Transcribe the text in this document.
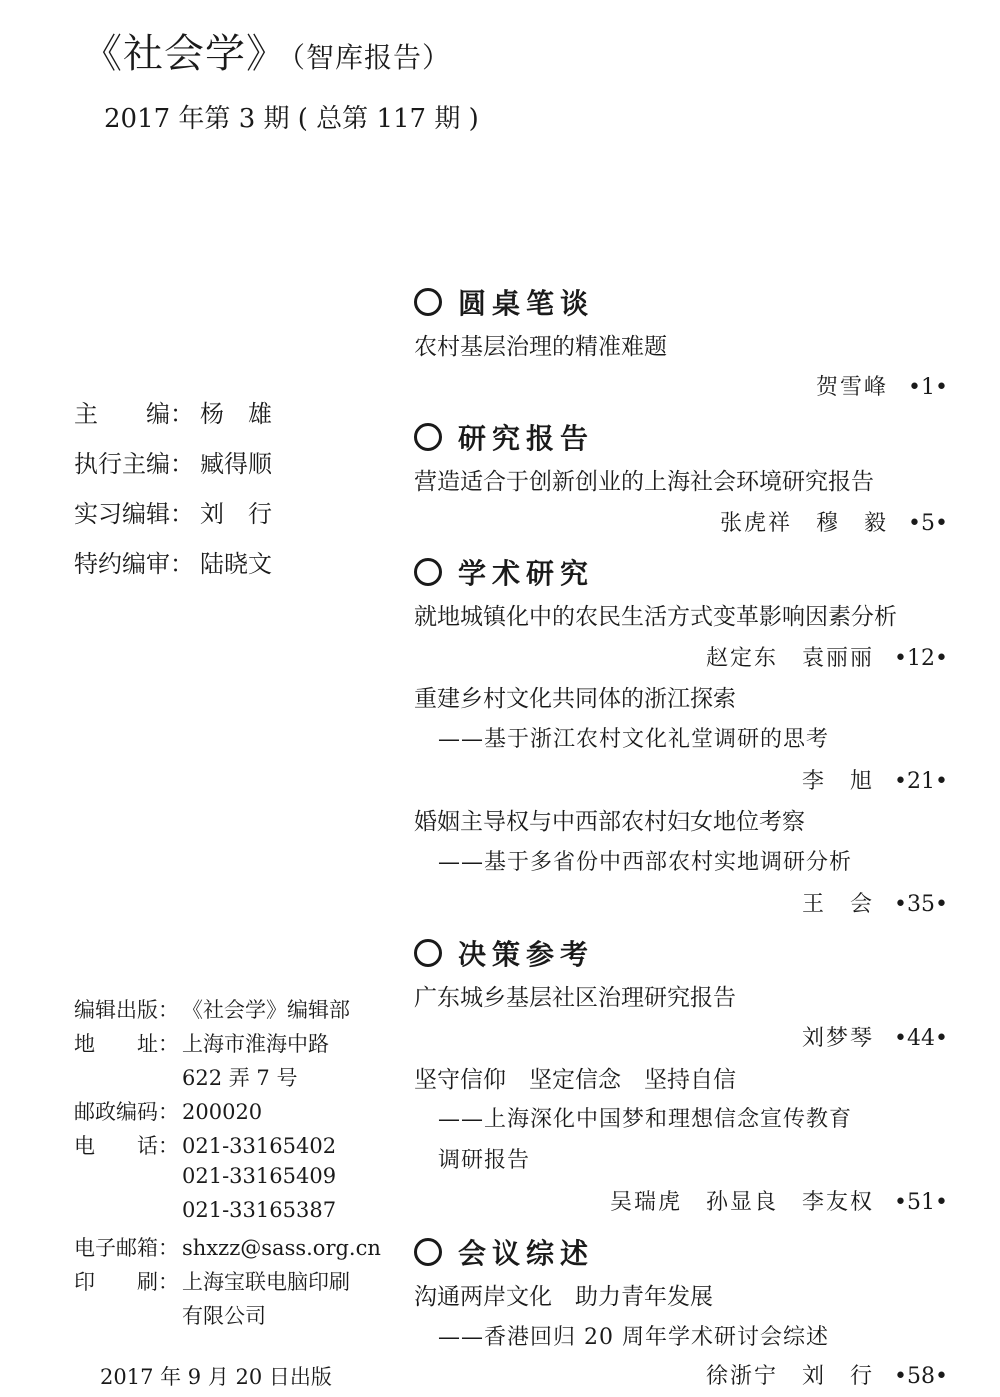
《社会学》 （智库报告）
2017 年第 3 期 ( 总第 117 期 )
主　　编： 杨　雄
执行主编： 臧得顺
实习编辑： 刘　行
特约编审： 陆晓文
编辑出版： 《社会学》编辑部
地　　址： 上海市淮海中路
622 弄 7 号
邮政编码： 200020
电　　话： 021-33165402
021-33165409
021-33165387
电子邮箱： shxzz@sass.org.cn
印　　刷： 上海宝联电脑印刷
有限公司
2017 年 9 月 20 日出版
圆桌笔谈
农村基层治理的精准难题
贺雪峰 •1•
研究报告
营造适合于创新创业的上海社会环境研究报告
张虎祥　穆　毅 •5•
学术研究
就地城镇化中的农民生活方式变革影响因素分析
赵定东　袁丽丽 •12•
重建乡村文化共同体的浙江探索
——基于浙江农村文化礼堂调研的思考
李　旭 •21•
婚姻主导权与中西部农村妇女地位考察
——基于多省份中西部农村实地调研分析
王　会 •35•
决策参考
广东城乡基层社区治理研究报告
刘梦琴 •44•
坚守信仰　坚定信念　坚持自信
——上海深化中国梦和理想信念宣传教育
调研报告
吴瑞虎　孙显良　李友权 •51•
会议综述
沟通两岸文化　助力青年发展
——香港回归 20 周年学术研讨会综述
徐浙宁　刘　行 •58•
